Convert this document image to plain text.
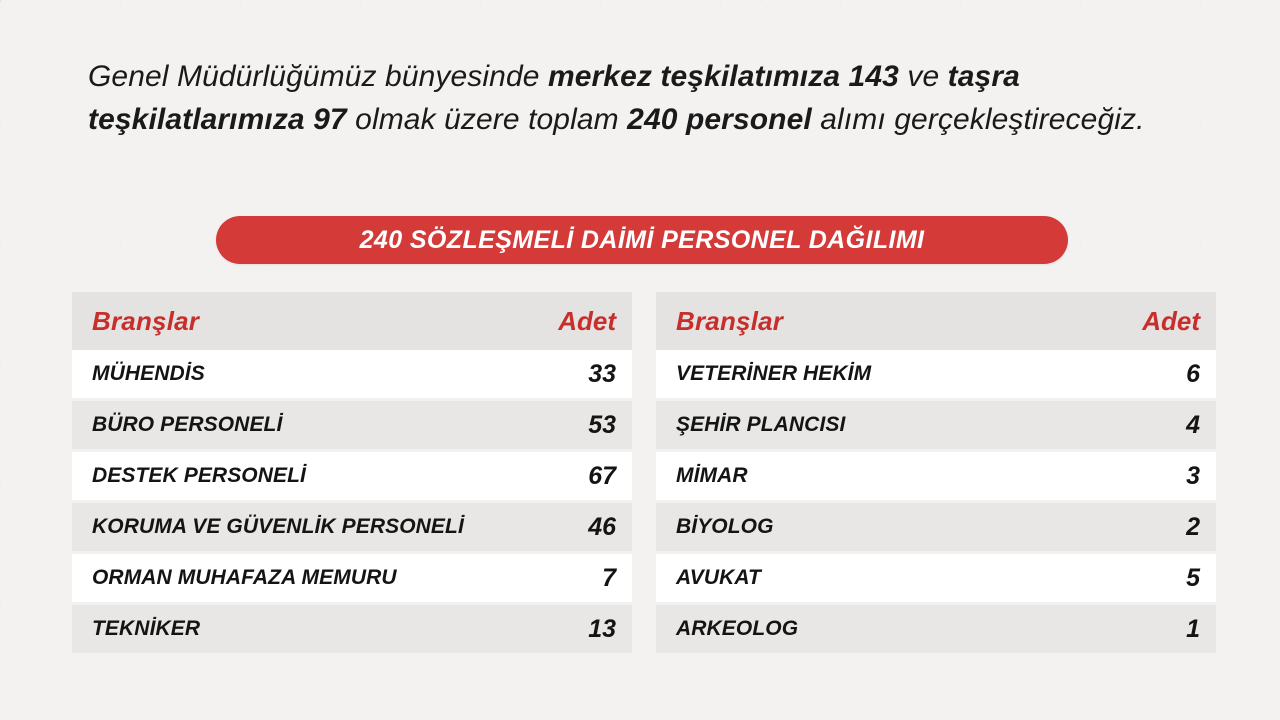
Genel Müdürlüğümüz bünyesinde merkez teşkilatımıza 143 ve taşra teşkilatlarımıza 97 olmak üzere toplam 240 personel alımı gerçekleştireceğiz.

240 SÖZLEŞMELİ DAİMİ PERSONEL DAĞILIMI
Branşlar	Adet
MÜHENDİS	33
BÜRO PERSONELİ	53
DESTEK PERSONELİ	67
KORUMA VE GÜVENLİK PERSONELİ	46
ORMAN MUHAFAZA MEMURU	7
TEKNİKER	13
Branşlar	Adet
VETERİNER HEKİM	6
ŞEHİR PLANCISI	4
MİMAR	3
BİYOLOG	2
AVUKAT	5
ARKEOLOG	1
